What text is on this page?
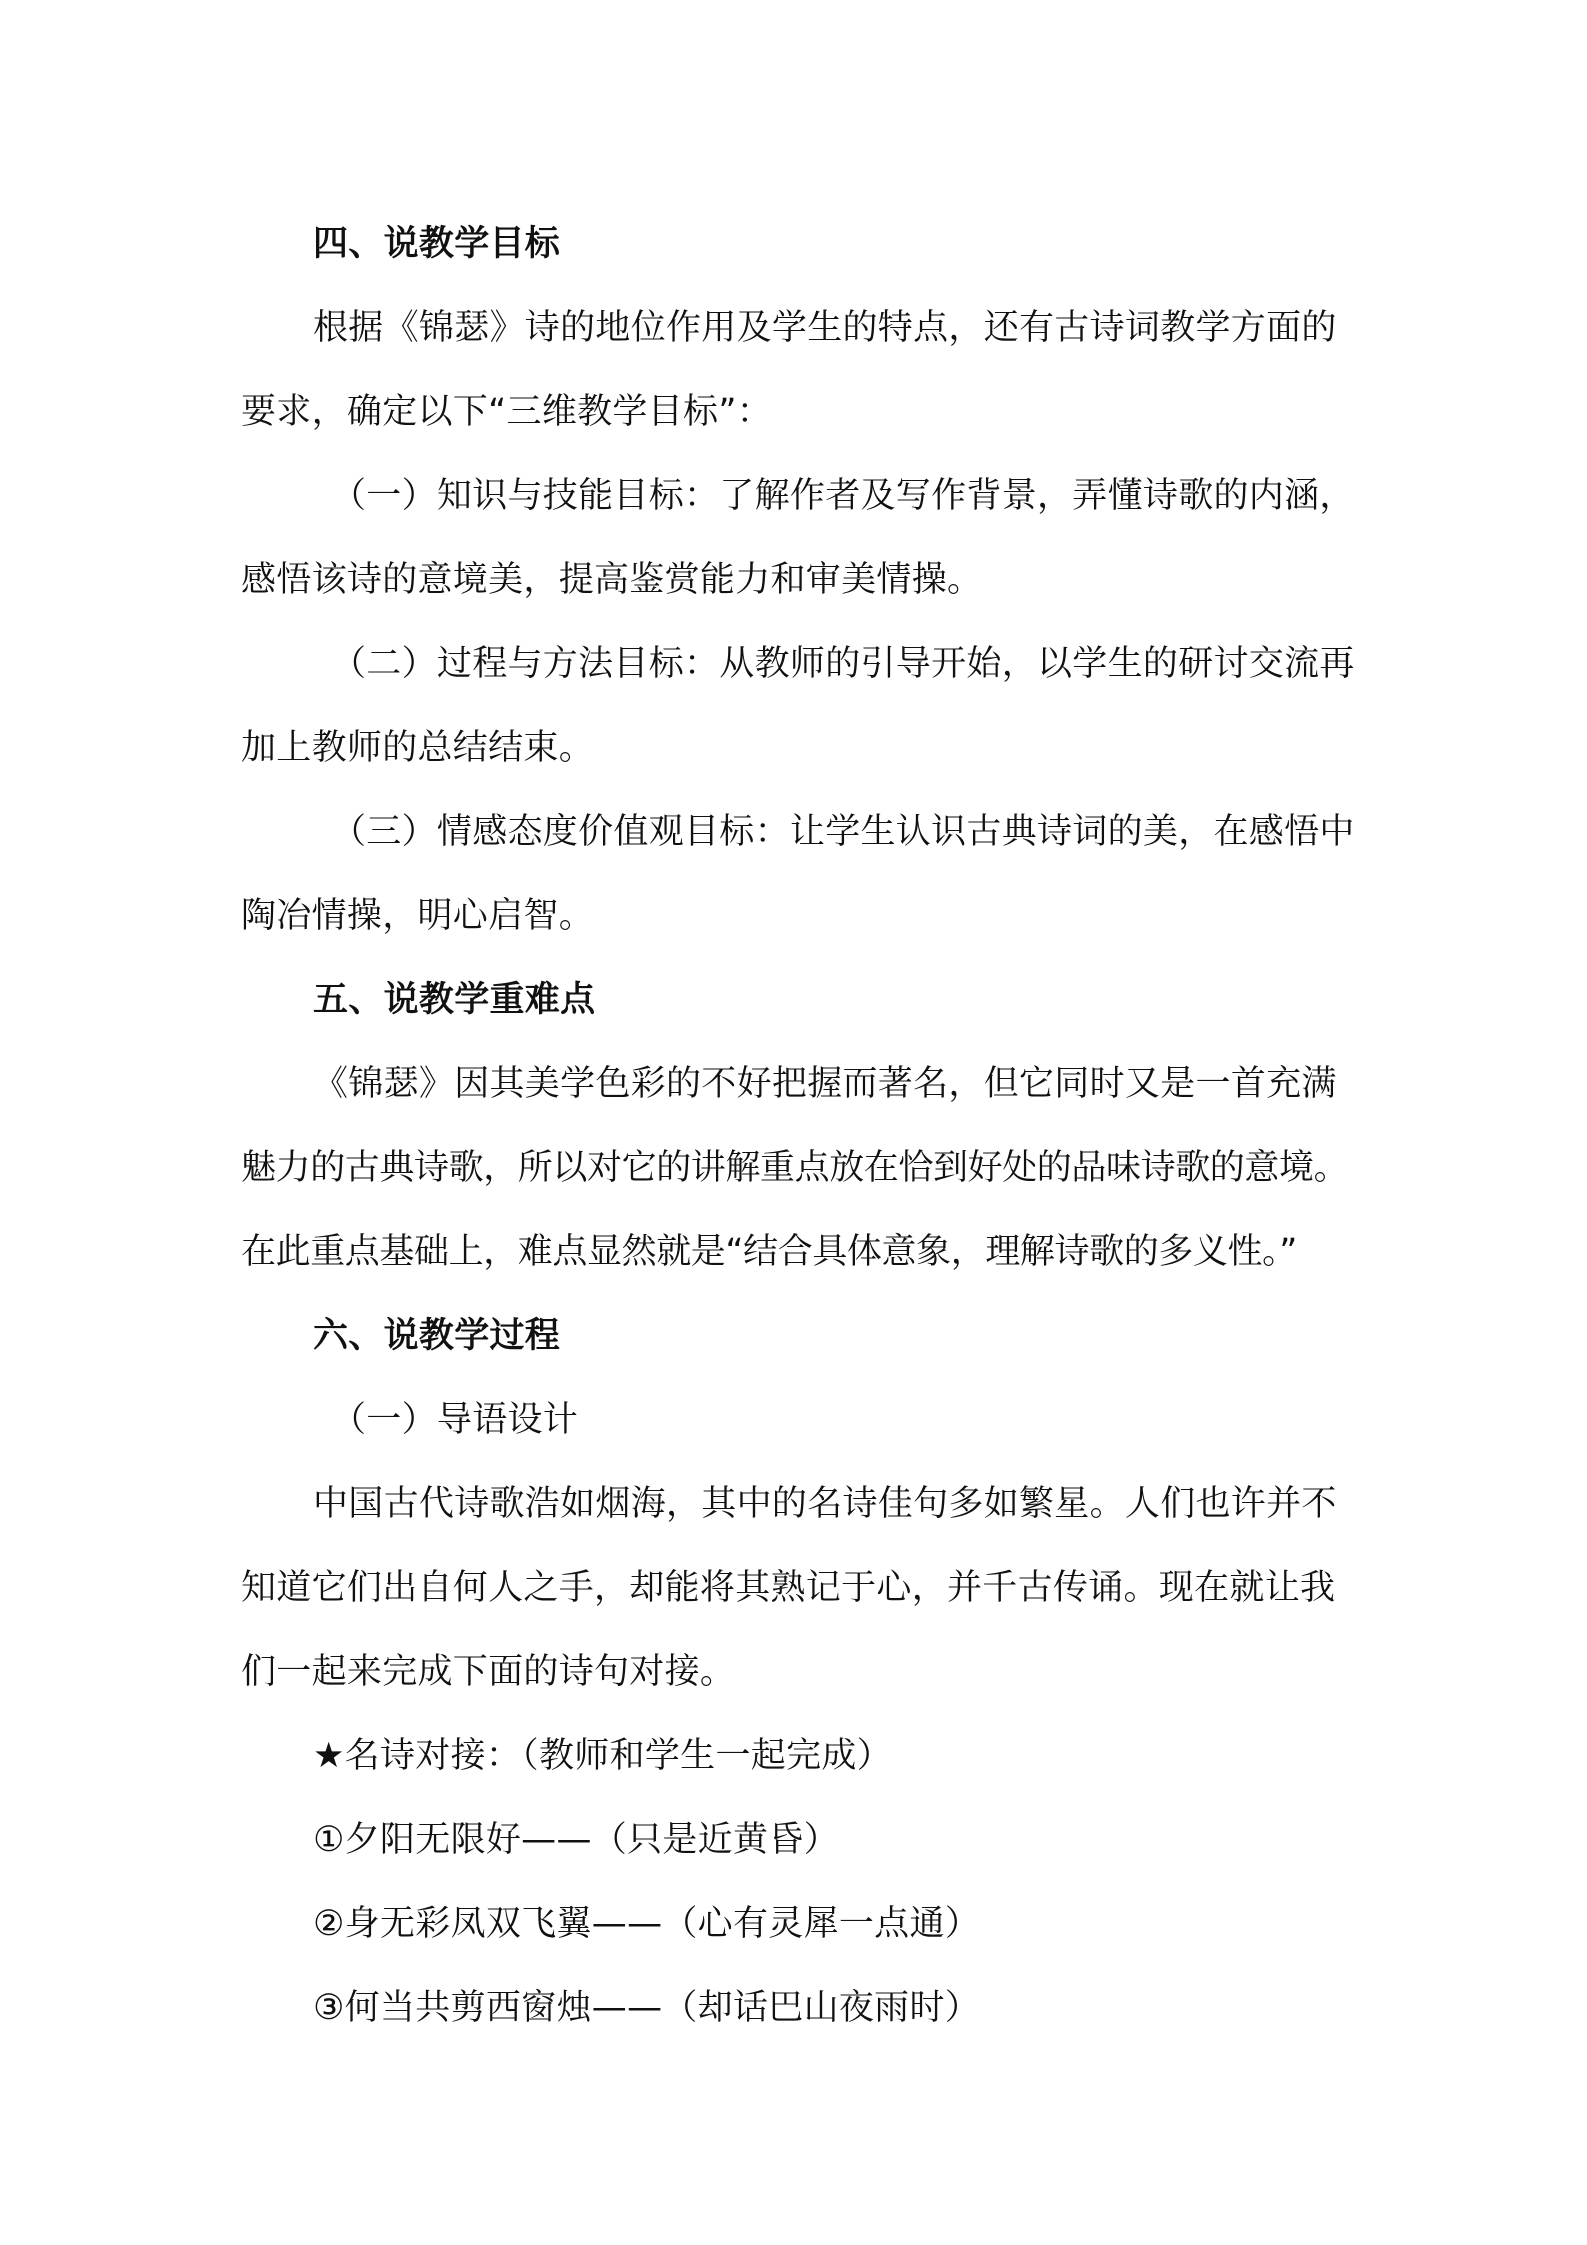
四、说教学目标
根据《锦瑟》诗的地位作用及学生的特点，还有古诗词教学方面的
要求，确定以下“三维教学目标”：
（一）知识与技能目标：了解作者及写作背景，弄懂诗歌的内涵，
感悟该诗的意境美，提高鉴赏能力和审美情操。
（二）过程与方法目标：从教师的引导开始，以学生的研讨交流再
加上教师的总结结束。
（三）情感态度价值观目标：让学生认识古典诗词的美，在感悟中
陶冶情操，明心启智。
五、说教学重难点
《锦瑟》因其美学色彩的不好把握而著名，但它同时又是一首充满
魅力的古典诗歌，所以对它的讲解重点放在恰到好处的品味诗歌的意境。
在此重点基础上，难点显然就是“结合具体意象，理解诗歌的多义性。”
六、说教学过程
（一）导语设计
中国古代诗歌浩如烟海，其中的名诗佳句多如繁星。人们也许并不
知道它们出自何人之手，却能将其熟记于心，并千古传诵。现在就让我
们一起来完成下面的诗句对接。
★名诗对接：（教师和学生一起完成）
①夕阳无限好——（只是近黄昏）
②身无彩凤双飞翼——（心有灵犀一点通）
③何当共剪西窗烛——（却话巴山夜雨时）
